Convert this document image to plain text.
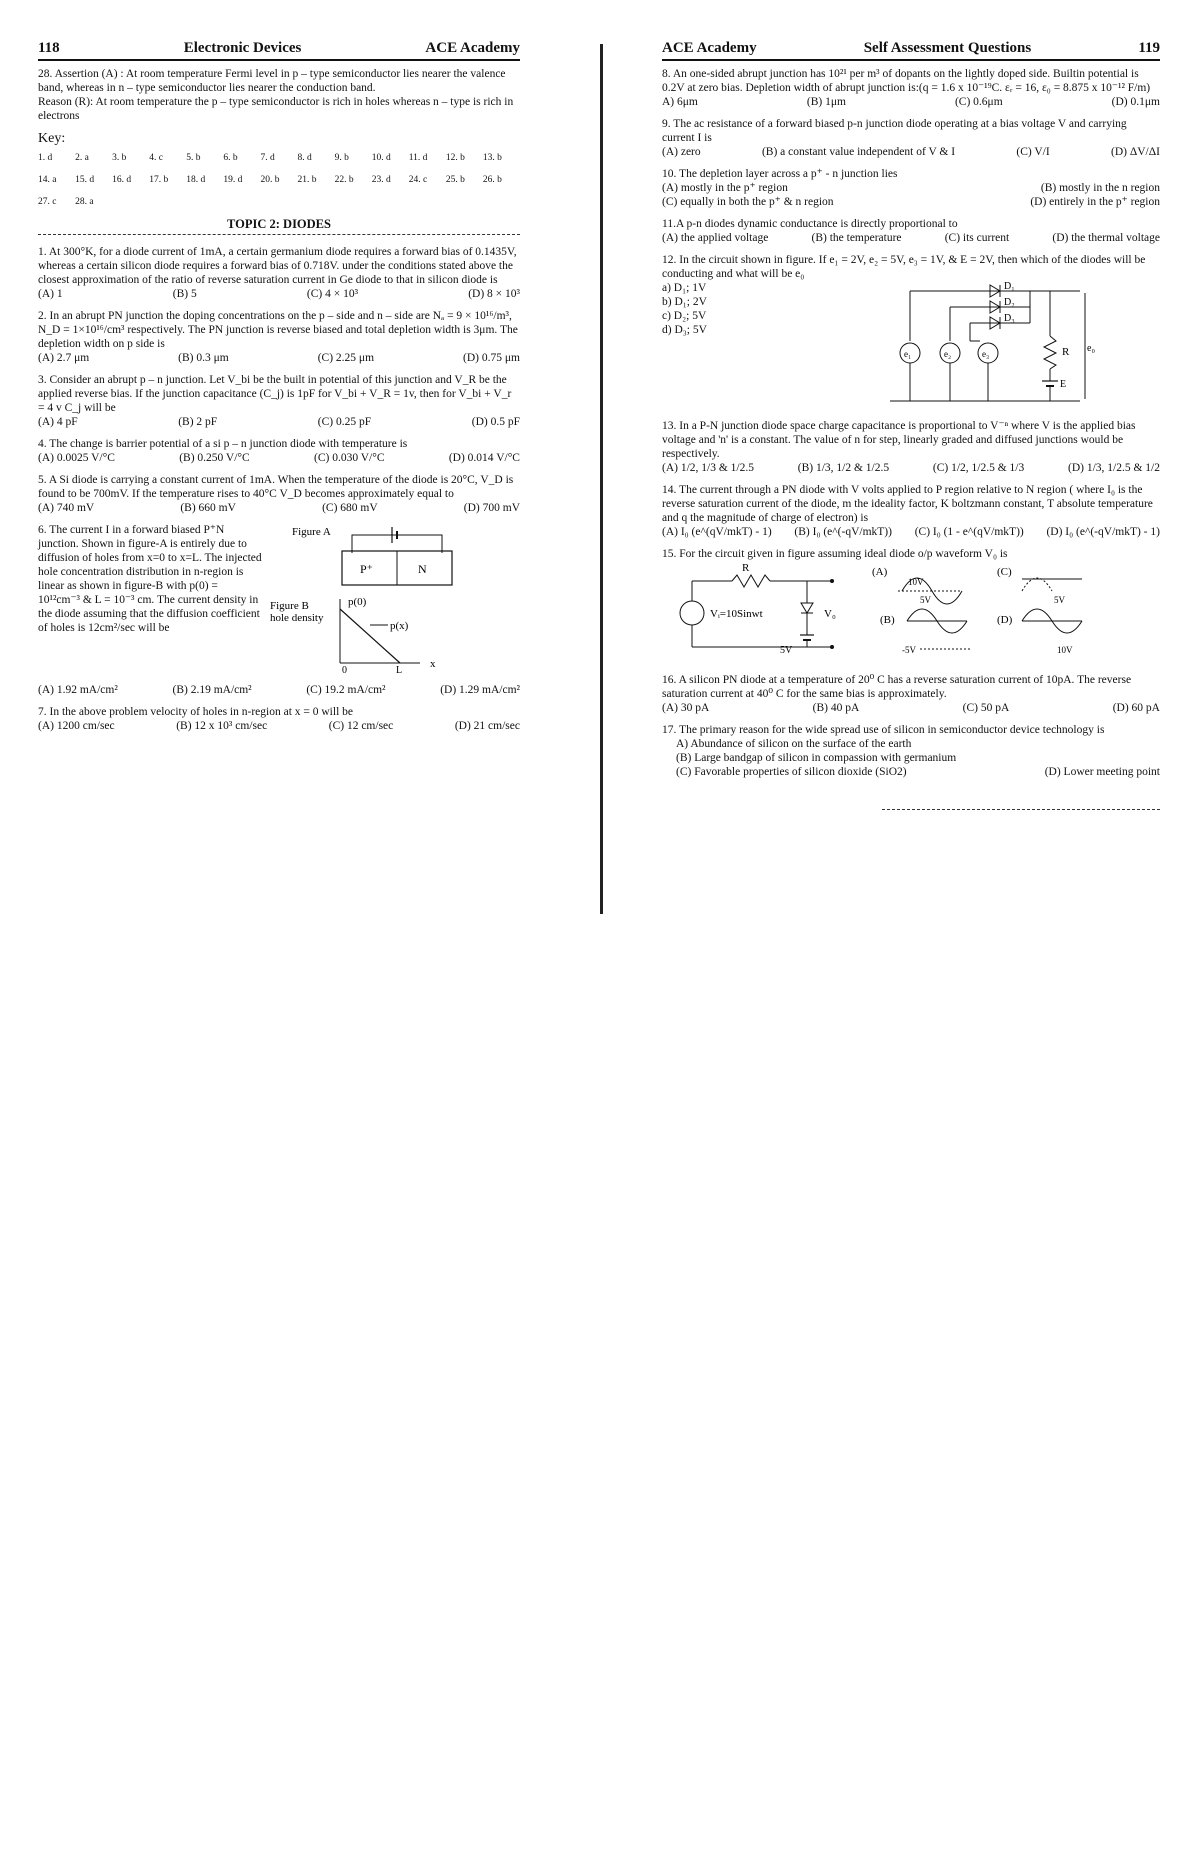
118	Electronic Devices	ACE Academy
28. Assertion (A) : At room temperature Fermi level in p – type semiconductor lies nearer the valence band, whereas in n – type semiconductor lies nearer the conduction band.
Reason (R): At room temperature the p – type semiconductor is rich in holes whereas n – type is rich in electrons
Key:
1. d	2. a	3. b	4. c	5. b	6. b	7. d	8. d	9. b	10. d	11. d	12. b	13. b
14. a	15. d	16. d	17. b	18. d	19. d	20. b	21. b	22. b	23. d	24. c	25. b	26. b
27. c	28. a
TOPIC 2: DIODES
1. At 300°K, for a diode current of 1mA, a certain germanium diode requires a forward bias of 0.1435V, whereas a certain silicon diode requires a forward bias of 0.718V. under the conditions stated above the closest approximation of the ratio of reverse saturation current in Ge diode to that in silicon diode is
(A) 1	(B) 5	(C) 4 × 10³	(D) 8 × 10³
2. In an abrupt PN junction the doping concentrations on the p – side and n – side are Nₐ = 9 × 10¹⁶/m³, N_D = 1×10¹⁶/cm³ respectively. The PN junction is reverse biased and total depletion width is 3μm. The depletion width on p side is
(A) 2.7 μm	(B) 0.3 μm	(C) 2.25 μm	(D) 0.75 μm
3. Consider an abrupt p – n junction. Let V_bi be the built in potential of this junction and V_R be the applied reverse bias. If the junction capacitance (C_j) is 1pF for V_bi + V_R = 1v, then for V_bi + V_r = 4 v C_j will be
(A) 4 pF	(B) 2 pF	(C) 0.25 pF	(D) 0.5 pF
4. The change is barrier potential of a si p – n junction diode with temperature is
(A) 0.0025 V/°C	(B) 0.250 V/°C	(C) 0.030 V/°C	(D) 0.014 V/°C
5. A Si diode is carrying a constant current of 1mA. When the temperature of the diode is 20°C, V_D is found to be 700mV. If the temperature rises to 40°C V_D becomes approximately equal to
(A) 740 mV	(B) 660 mV	(C) 680 mV	(D) 700 mV
6. The current I in a forward biased P⁺N junction. Shown in figure-A is entirely due to diffusion of holes from x=0 to x=L. The injected hole concentration distribution in n-region is linear as shown in figure-B with p(0) = 10¹²cm⁻³ & L = 10⁻³ cm. The current density in the diode assuming that the diffusion coefficient of holes is 12cm²/sec will be
Figure A
P⁺	N
Figure B
hole density
p(0)
p(x)
0	L
x
(A) 1.92 mA/cm²	(B) 2.19 mA/cm²	(C) 19.2 mA/cm²	(D) 1.29 mA/cm²
7. In the above problem velocity of holes in n-region at x = 0 will be
(A) 1200 cm/sec	(B) 12 x 10³ cm/sec	(C) 12 cm/sec	(D) 21 cm/sec
ACE Academy	Self Assessment Questions	119
8. An one-sided abrupt junction has 10²¹ per m³ of dopants on the lightly doped side. Builtin potential is 0.2V at zero bias. Depletion width of abrupt junction is:(q = 1.6 x 10⁻¹⁹C. εᵣ = 16, ε₀ = 8.875 x 10⁻¹² F/m)
A) 6μm	(B) 1μm	(C) 0.6μm	(D) 0.1μm
9. The ac resistance of a forward biased p-n junction diode operating at a bias voltage V and carrying current I is
(A) zero	(B) a constant value independent of V & I	(C) V/I	(D) ΔV/ΔI
10. The depletion layer across a p⁺ - n junction lies
(A) mostly in the p⁺ region	(B) mostly in the n region
(C) equally in both the p⁺ & n region	(D) entirely in the p⁺ region
11.A p-n diodes dynamic conductance is directly proportional to
(A) the applied voltage	(B) the temperature	(C) its current	(D) the thermal voltage
12. In the circuit shown in figure. If e₁ = 2V, e₂ = 5V, e₃ = 1V, & E = 2V, then which of the diodes will be conducting and what will be e₀
a) D₁; 1V
b) D₁; 2V
c) D₂; 5V
d) D₃; 5V
D₁
D₂
D₃
e₁	e₂	e₃	R
E
e₀
13. In a P-N junction diode space charge capacitance is proportional to V⁻ⁿ where V is the applied bias voltage and 'n' is a constant. The value of n for step, linearly graded and diffused junctions would be respectively.
(A) 1/2, 1/3 & 1/2.5	(B) 1/3, 1/2 & 1/2.5	(C) 1/2, 1/2.5 & 1/3	(D) 1/3, 1/2.5 & 1/2
14. The current through a PN diode with V volts applied to P region relative to N region ( where I₀ is the reverse saturation current of the diode, m the ideality factor, K boltzmann constant, T absolute temperature and q the magnitude of charge of electron) is
(A) I₀ (e^(qV/mkT) - 1) (B) I₀ (e^(-qV/mkT)) (C) I₀ (1 - e^(qV/mkT)) (D) I₀ (e^(-qV/mkT) - 1)
15. For the circuit given in figure assuming ideal diode o/p waveform V₀ is
R
Vᵢ=10Sinwt
5V
V₀
(A)
10V
(C)
(B)
5V
-5V
(D)
5V
10V
16. A silicon PN diode at a temperature of 20⁰ C has a reverse saturation current of 10pA. The reverse saturation current at 40⁰ C for the same bias is approximately.
(A) 30 pA	(B) 40 pA	(C) 50 pA	(D) 60 pA
17. The primary reason for the wide spread use of silicon in semiconductor device technology is
A) Abundance of silicon on the surface of the earth
(B) Large bandgap of silicon in compassion with germanium
(C) Favorable properties of silicon dioxide (SiO2)	(D) Lower meeting point
